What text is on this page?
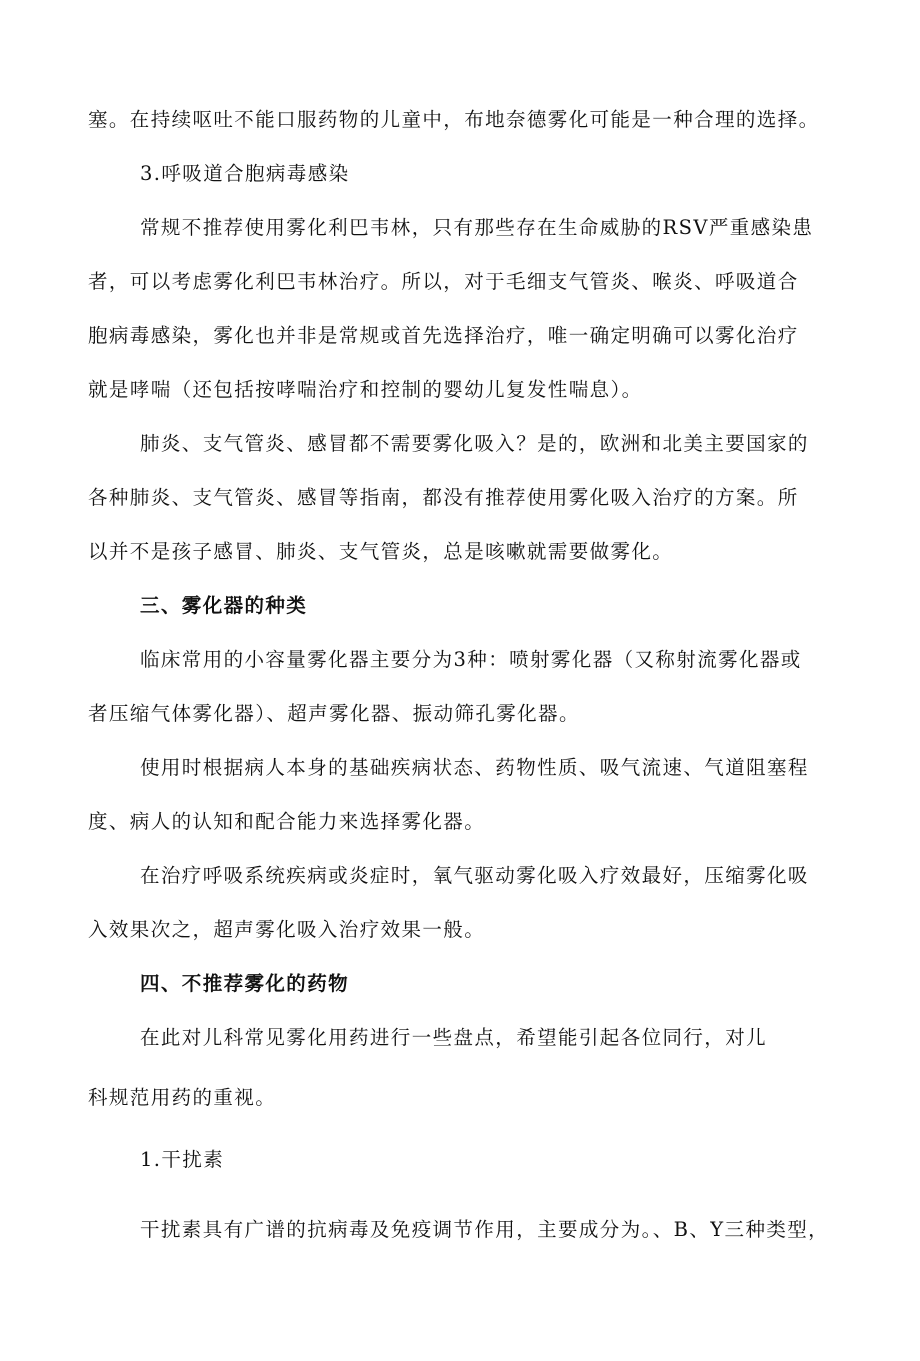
塞。在持续呕吐不能口服药物的儿童中，布地奈德雾化可能是一种合理的选择。
3.呼吸道合胞病毒感染
常规不推荐使用雾化利巴韦林，只有那些存在生命威胁的RSV严重感染患
者，可以考虑雾化利巴韦林治疗。所以，对于毛细支气管炎、喉炎、呼吸道合
胞病毒感染，雾化也并非是常规或首先选择治疗，唯一确定明确可以雾化治疗
就是哮喘（还包括按哮喘治疗和控制的婴幼儿复发性喘息）。
肺炎、支气管炎、感冒都不需要雾化吸入？是的，欧洲和北美主要国家的
各种肺炎、支气管炎、感冒等指南，都没有推荐使用雾化吸入治疗的方案。所
以并不是孩子感冒、肺炎、支气管炎，总是咳嗽就需要做雾化。
三、雾化器的种类
临床常用的小容量雾化器主要分为3种：喷射雾化器（又称射流雾化器或
者压缩气体雾化器）、超声雾化器、振动筛孔雾化器。
使用时根据病人本身的基础疾病状态、药物性质、吸气流速、气道阻塞程
度、病人的认知和配合能力来选择雾化器。
在治疗呼吸系统疾病或炎症时，氧气驱动雾化吸入疗效最好，压缩雾化吸
入效果次之，超声雾化吸入治疗效果一般。
四、不推荐雾化的药物
在此对儿科常见雾化用药进行一些盘点，希望能引起各位同行，对儿
科规范用药的重视。
1.干扰素
干扰素具有广谱的抗病毒及免疫调节作用，主要成分为。、B、Y三种类型，
